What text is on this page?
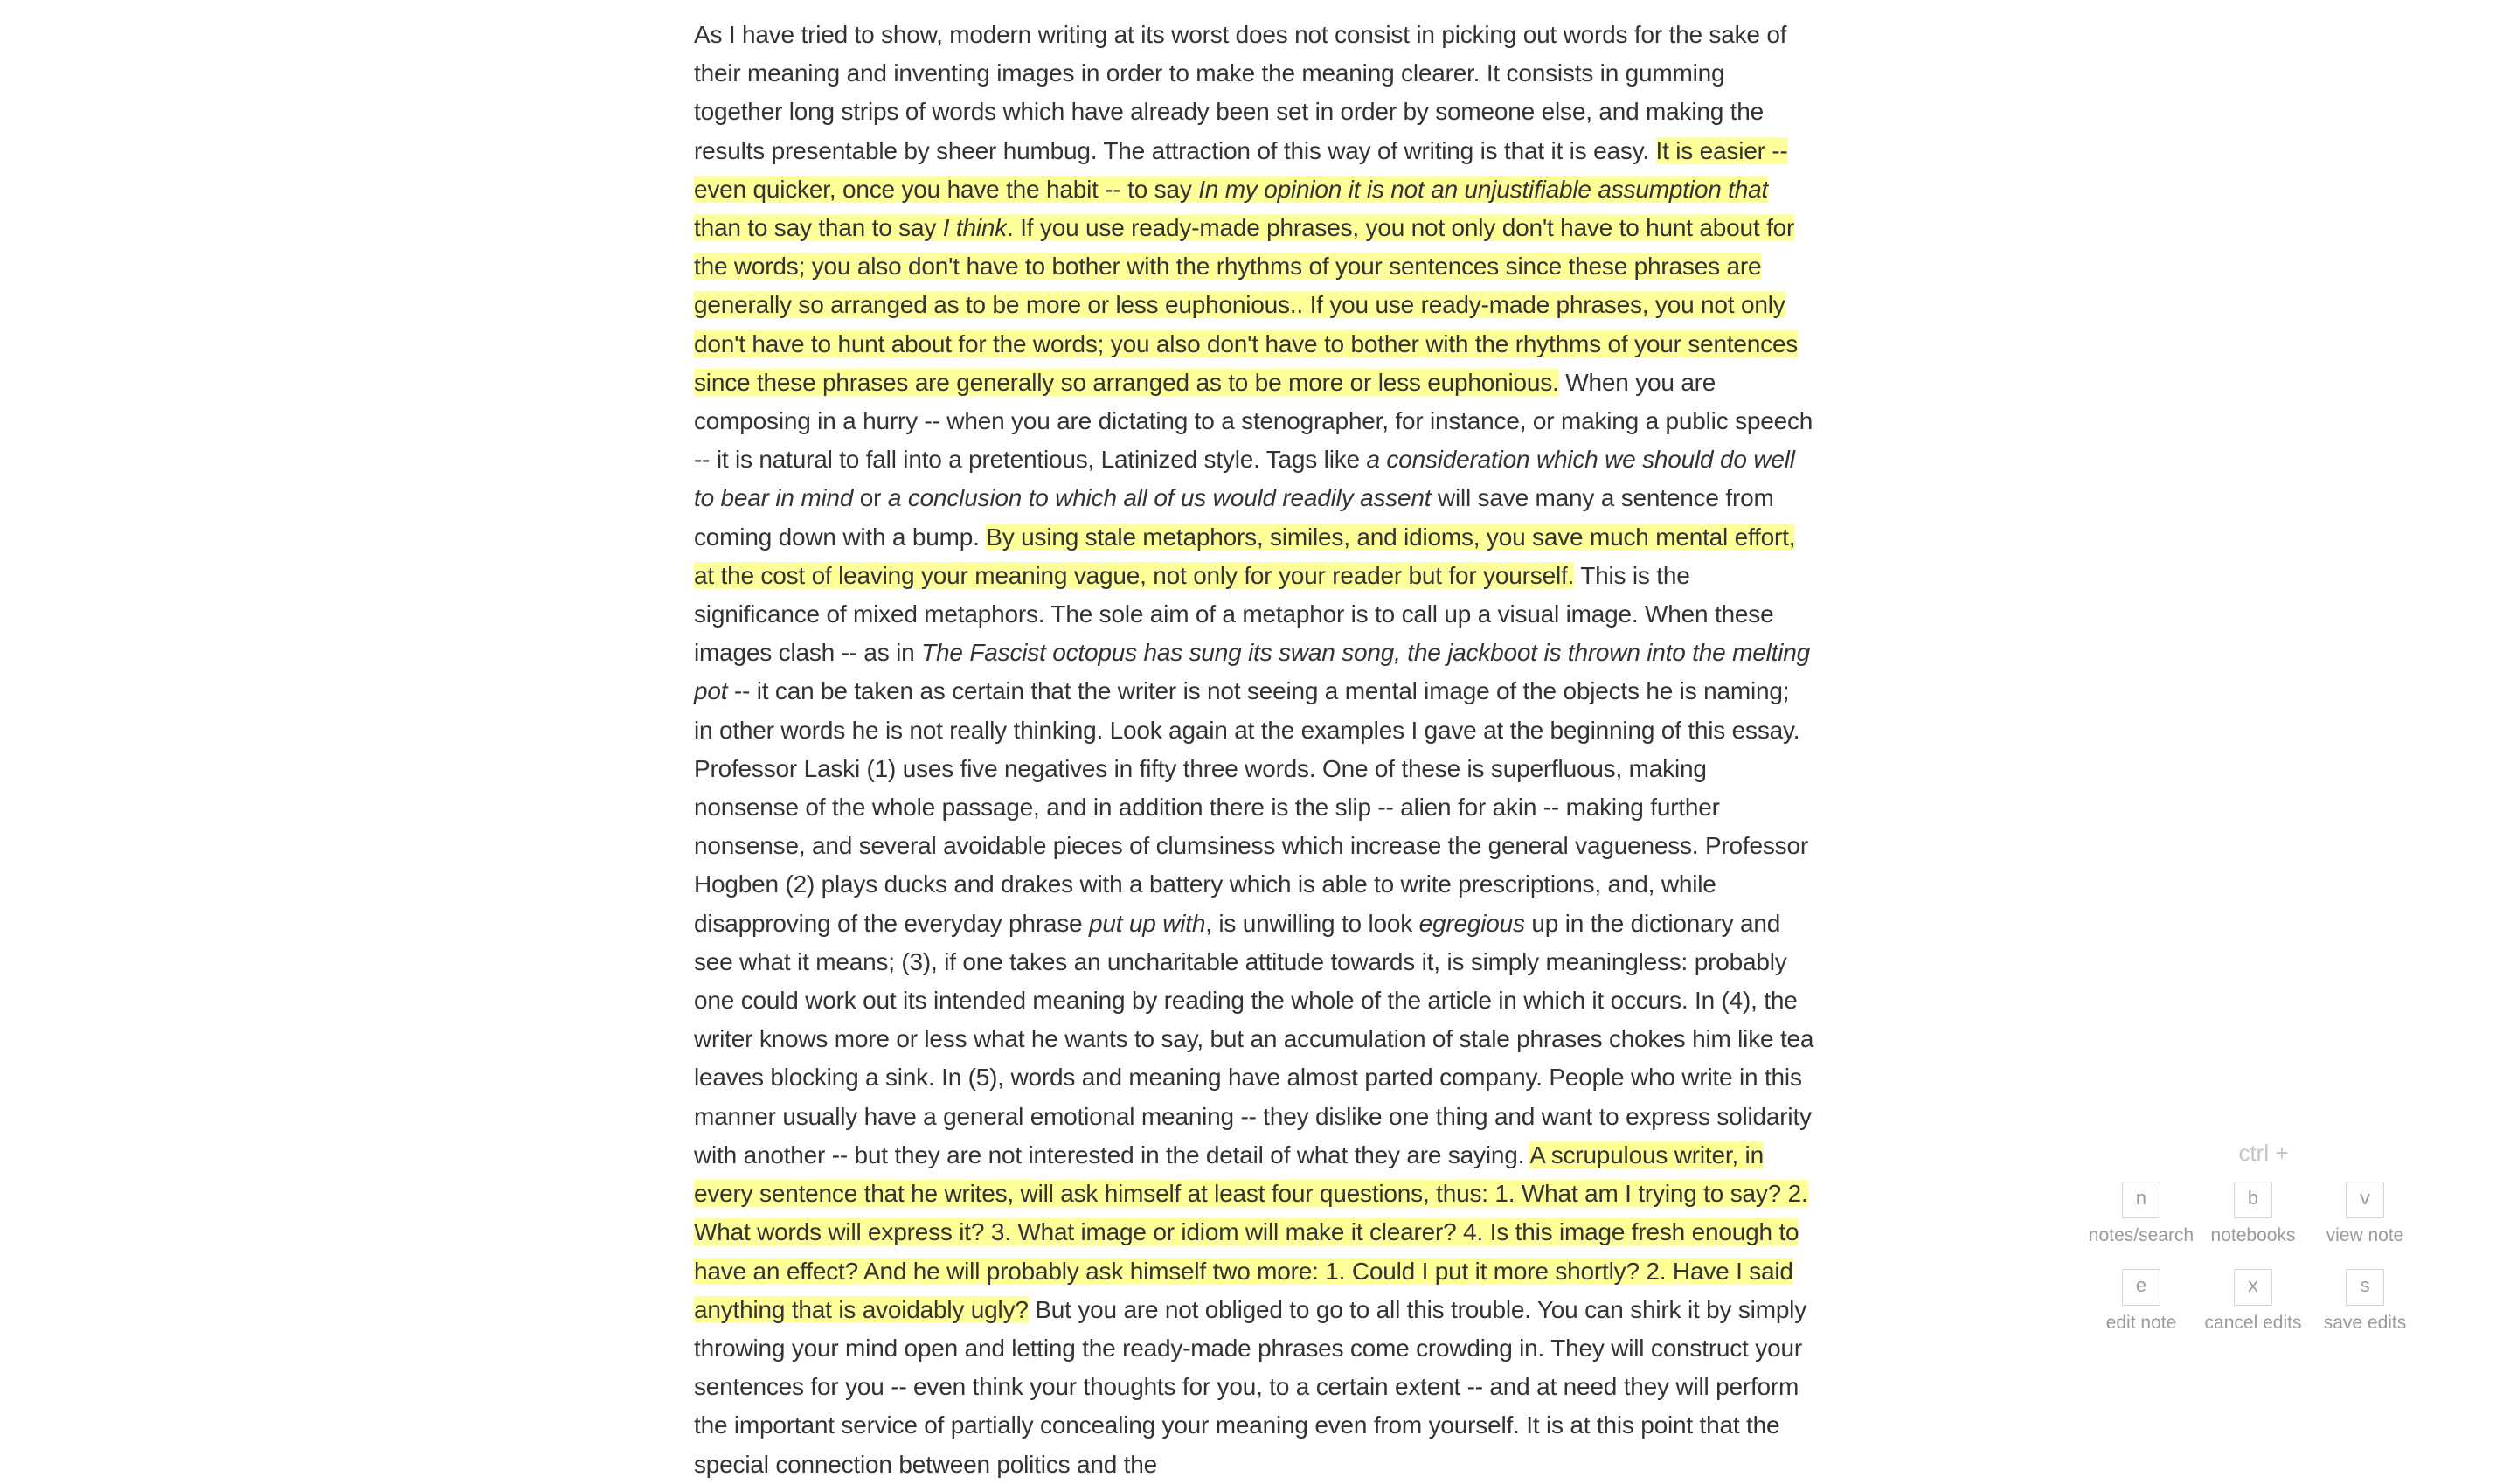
As I have tried to show, modern writing at its worst does not consist in picking out words for the sake of their meaning and inventing images in order to make the meaning clearer. It consists in gumming together long strips of words which have already been set in order by someone else, and making the results presentable by sheer humbug. The attraction of this way of writing is that it is easy. It is easier -- even quicker, once you have the habit -- to say In my opinion it is not an unjustifiable assumption that than to say than to say I think. If you use ready-made phrases, you not only don't have to hunt about for the words; you also don't have to bother with the rhythms of your sentences since these phrases are generally so arranged as to be more or less euphonious.. If you use ready-made phrases, you not only don't have to hunt about for the words; you also don't have to bother with the rhythms of your sentences since these phrases are generally so arranged as to be more or less euphonious. When you are composing in a hurry -- when you are dictating to a stenographer, for instance, or making a public speech -- it is natural to fall into a pretentious, Latinized style. Tags like a consideration which we should do well to bear in mind or a conclusion to which all of us would readily assent will save many a sentence from coming down with a bump. By using stale metaphors, similes, and idioms, you save much mental effort, at the cost of leaving your meaning vague, not only for your reader but for yourself. This is the significance of mixed metaphors. The sole aim of a metaphor is to call up a visual image. When these images clash -- as in The Fascist octopus has sung its swan song, the jackboot is thrown into the melting pot -- it can be taken as certain that the writer is not seeing a mental image of the objects he is naming; in other words he is not really thinking. Look again at the examples I gave at the beginning of this essay. Professor Laski (1) uses five negatives in fifty three words. One of these is superfluous, making nonsense of the whole passage, and in addition there is the slip -- alien for akin -- making further nonsense, and several avoidable pieces of clumsiness which increase the general vagueness. Professor Hogben (2) plays ducks and drakes with a battery which is able to write prescriptions, and, while disapproving of the everyday phrase put up with, is unwilling to look egregious up in the dictionary and see what it means; (3), if one takes an uncharitable attitude towards it, is simply meaningless: probably one could work out its intended meaning by reading the whole of the article in which it occurs. In (4), the writer knows more or less what he wants to say, but an accumulation of stale phrases chokes him like tea leaves blocking a sink. In (5), words and meaning have almost parted company. People who write in this manner usually have a general emotional meaning -- they dislike one thing and want to express solidarity with another -- but they are not interested in the detail of what they are saying. A scrupulous writer, in every sentence that he writes, will ask himself at least four questions, thus: 1. What am I trying to say? 2. What words will express it? 3. What image or idiom will make it clearer? 4. Is this image fresh enough to have an effect? And he will probably ask himself two more: 1. Could I put it more shortly? 2. Have I said anything that is avoidably ugly? But you are not obliged to go to all this trouble. You can shirk it by simply throwing your mind open and letting the ready-made phrases come crowding in. They will construct your sentences for you -- even think your thoughts for you, to a certain extent -- and at need they will perform the important service of partially concealing your meaning even from yourself. It is at this point that the special connection between politics and the

ctrl +
n
notes/search
b
notebooks
v
view note
e
edit note
x
cancel edits
s
save edits
